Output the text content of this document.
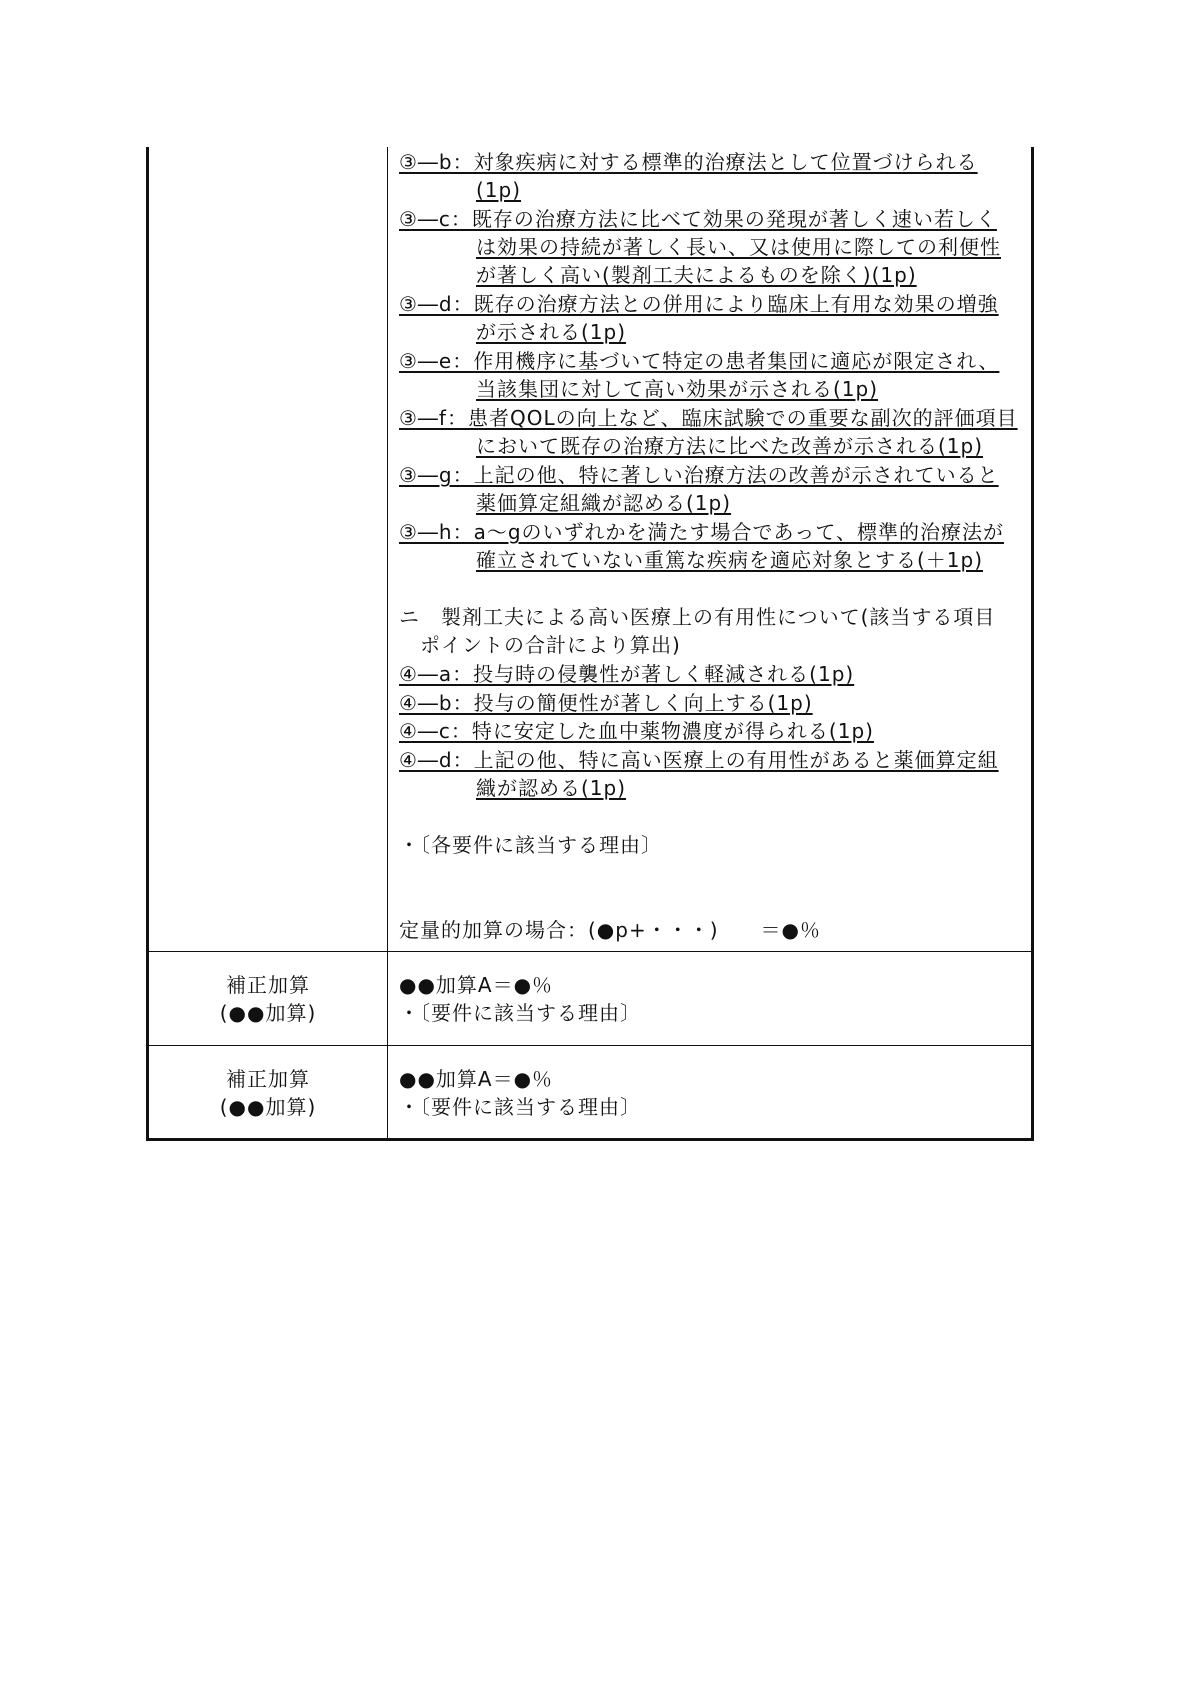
③―b：対象疾病に対する標準的治療法として位置づけられる
(1p)
③―c：既存の治療方法に比べて効果の発現が著しく速い若しく
は効果の持続が著しく長い、又は使用に際しての利便性
が著しく高い(製剤工夫によるものを除く)(1p)
③―d：既存の治療方法との併用により臨床上有用な効果の増強
が示される(1p)
③―e：作用機序に基づいて特定の患者集団に適応が限定され、
当該集団に対して高い効果が示される(1p)
③―f：患者QOLの向上など、臨床試験での重要な副次的評価項目
において既存の治療方法に比べた改善が示される(1p)
③―g：上記の他、特に著しい治療方法の改善が示されていると
薬価算定組織が認める(1p)
③―h：a～gのいずれかを満たす場合であって、標準的治療法が
確立されていない重篤な疾病を適応対象とする(＋1p)
ニ　製剤工夫による高い医療上の有用性について(該当する項目
ポイントの合計により算出)
④―a：投与時の侵襲性が著しく軽減される(1p)
④―b：投与の簡便性が著しく向上する(1p)
④―c：特に安定した血中薬物濃度が得られる(1p)
④―d：上記の他、特に高い医療上の有用性があると薬価算定組
織が認める(1p)
・〔各要件に該当する理由〕
定量的加算の場合：(●p+・・・)　　＝●％
補正加算
(●●加算)
●●加算A＝●％
・〔要件に該当する理由〕
補正加算
(●●加算)
●●加算A＝●％
・〔要件に該当する理由〕
